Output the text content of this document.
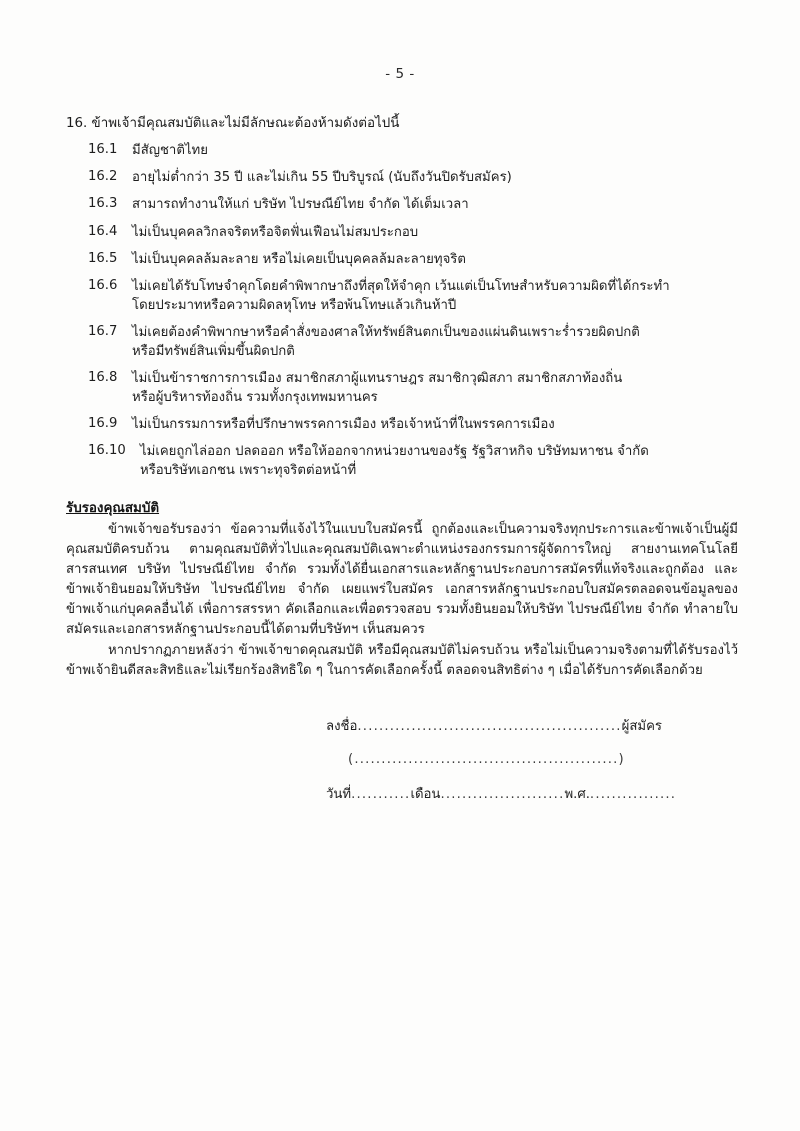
- 5 -
16. ข้าพเจ้ามีคุณสมบัติและไม่มีลักษณะต้องห้ามดังต่อไปนี้
16.1	มีสัญชาติไทย
16.2	อายุไม่ต่ำกว่า 35 ปี และไม่เกิน 55 ปีบริบูรณ์ (นับถึงวันปิดรับสมัคร)
16.3	สามารถทำงานให้แก่ บริษัท ไปรษณีย์ไทย จำกัด ได้เต็มเวลา
16.4	ไม่เป็นบุคคลวิกลจริตหรือจิตฟั่นเฟือนไม่สมประกอบ
16.5	ไม่เป็นบุคคลล้มละลาย หรือไม่เคยเป็นบุคคลล้มละลายทุจริต
16.6	ไม่เคยได้รับโทษจำคุกโดยคำพิพากษาถึงที่สุดให้จำคุก เว้นแต่เป็นโทษสำหรับความผิดที่ได้กระทำ
โดยประมาทหรือความผิดลหุโทษ หรือพ้นโทษแล้วเกินห้าปี
16.7	ไม่เคยต้องคำพิพากษาหรือคำสั่งของศาลให้ทรัพย์สินตกเป็นของแผ่นดินเพราะร่ำรวยผิดปกติ
หรือมีทรัพย์สินเพิ่มขึ้นผิดปกติ
16.8	ไม่เป็นข้าราชการการเมือง สมาชิกสภาผู้แทนราษฎร สมาชิกวุฒิสภา สมาชิกสภาท้องถิ่น
หรือผู้บริหารท้องถิ่น รวมทั้งกรุงเทพมหานคร
16.9	ไม่เป็นกรรมการหรือที่ปรึกษาพรรคการเมือง หรือเจ้าหน้าที่ในพรรคการเมือง
16.10	ไม่เคยถูกไล่ออก ปลดออก หรือให้ออกจากหน่วยงานของรัฐ รัฐวิสาหกิจ บริษัทมหาชน จำกัด
หรือบริษัทเอกชน เพราะทุจริตต่อหน้าที่
รับรองคุณสมบัติ

ข้าพเจ้าขอรับรองว่า ข้อความที่แจ้งไว้ในแบบใบสมัครนี้ ถูกต้องและเป็นความจริงทุกประการและข้าพเจ้าเป็นผู้มีคุณสมบัติครบถ้วน ตามคุณสมบัติทั่วไปและคุณสมบัติเฉพาะตำแหน่งรองกรรมการผู้จัดการใหญ่ สายงานเทคโนโลยีสารสนเทศ บริษัท ไปรษณีย์ไทย จำกัด รวมทั้งได้ยื่นเอกสารและหลักฐานประกอบการสมัครที่แท้จริงและถูกต้อง และข้าพเจ้ายินยอมให้บริษัท ไปรษณีย์ไทย จำกัด เผยแพร่ใบสมัคร เอกสารหลักฐานประกอบใบสมัครตลอดจนข้อมูลของข้าพเจ้าแก่บุคคลอื่นได้ เพื่อการสรรหา คัดเลือกและเพื่อตรวจสอบ รวมทั้งยินยอมให้บริษัท ไปรษณีย์ไทย จำกัด ทำลายใบสมัครและเอกสารหลักฐานประกอบนี้ได้ตามที่บริษัทฯ เห็นสมควร

หากปรากฏภายหลังว่า ข้าพเจ้าขาดคุณสมบัติ หรือมีคุณสมบัติไม่ครบถ้วน หรือไม่เป็นความจริงตามที่ได้รับรองไว้ ข้าพเจ้ายินดีสละสิทธิและไม่เรียกร้องสิทธิใด ๆ ในการคัดเลือกครั้งนี้ ตลอดจนสิทธิต่าง ๆ เมื่อได้รับการคัดเลือกด้วย

ลงชื่อ ................................................. ผู้สมัคร
(.................................................)
วันที่ ........... เดือน ....................... พ.ศ. ................
